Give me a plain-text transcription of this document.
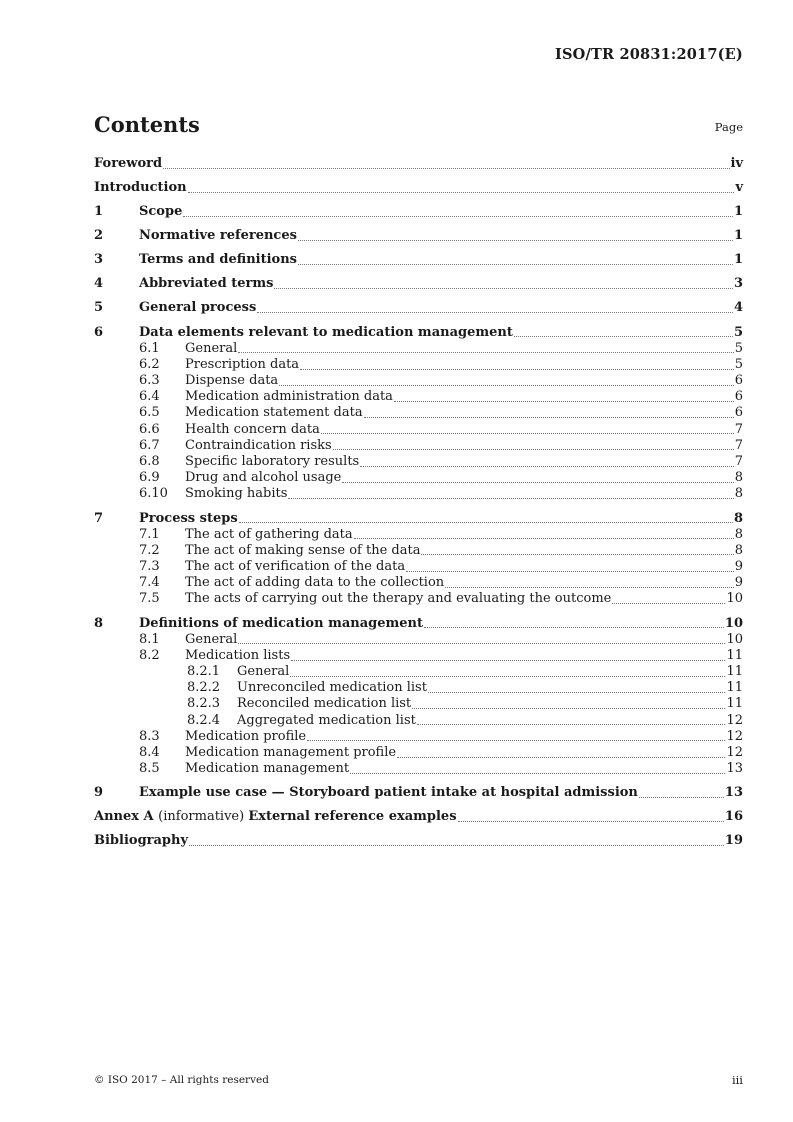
ISO/TR 20831:2017(E)
Contents	Page
Foreword	iv
Introduction	v
1	Scope	1
2	Normative references	1
3	Terms and definitions	1
4	Abbreviated terms	3
5	General process	4
6	Data elements relevant to medication management	5
6.1 General	5
6.2 Prescription data	5
6.3 Dispense data	6
6.4 Medication administration data	6
6.5 Medication statement data	6
6.6 Health concern data	7
6.7 Contraindication risks	7
6.8 Specific laboratory results	7
6.9 Drug and alcohol usage	8
6.10 Smoking habits	8
7	Process steps	8
7.1 The act of gathering data	8
7.2 The act of making sense of the data	8
7.3 The act of verification of the data	9
7.4 The act of adding data to the collection	9
7.5 The acts of carrying out the therapy and evaluating the outcome	10
8	Definitions of medication management	10
8.1 General	10
8.2 Medication lists	11
8.2.1 General	11
8.2.2 Unreconciled medication list	11
8.2.3 Reconciled medication list	11
8.2.4 Aggregated medication list	12
8.3 Medication profile	12
8.4 Medication management profile	12
8.5 Medication management	13
9	Example use case — Storyboard patient intake at hospital admission	13
Annex A (informative) External reference examples	16
Bibliography	19
© ISO 2017 – All rights reserved	iii
